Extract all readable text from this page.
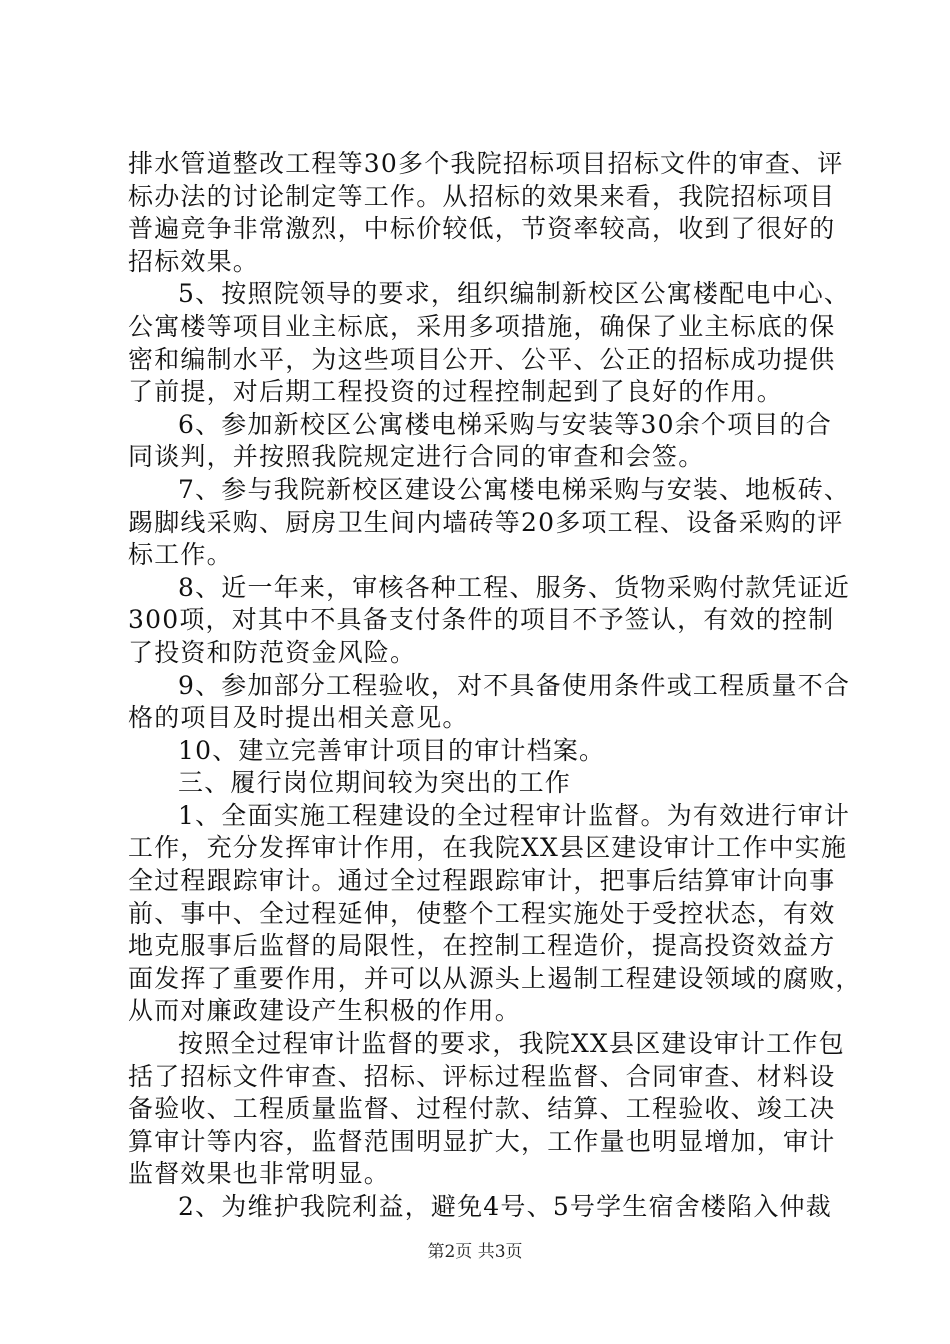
排水管道整改工程等30多个我院招标项目招标文件的审查、评
标办法的讨论制定等工作。从招标的效果来看，我院招标项目
普遍竞争非常激烈，中标价较低，节资率较高，收到了很好的
招标效果。
5、按照院领导的要求，组织编制新校区公寓楼配电中心、
公寓楼等项目业主标底，采用多项措施，确保了业主标底的保
密和编制水平，为这些项目公开、公平、公正的招标成功提供
了前提，对后期工程投资的过程控制起到了良好的作用。
6、参加新校区公寓楼电梯采购与安装等30余个项目的合
同谈判，并按照我院规定进行合同的审查和会签。
7、参与我院新校区建设公寓楼电梯采购与安装、地板砖、
踢脚线采购、厨房卫生间内墙砖等20多项工程、设备采购的评
标工作。
8、近一年来，审核各种工程、服务、货物采购付款凭证近
300项，对其中不具备支付条件的项目不予签认，有效的控制
了投资和防范资金风险。
9、参加部分工程验收，对不具备使用条件或工程质量不合
格的项目及时提出相关意见。
10、建立完善审计项目的审计档案。
三、履行岗位期间较为突出的工作
1、全面实施工程建设的全过程审计监督。为有效进行审计
工作，充分发挥审计作用，在我院XX县区建设审计工作中实施
全过程跟踪审计。通过全过程跟踪审计，把事后结算审计向事
前、事中、全过程延伸，使整个工程实施处于受控状态，有效
地克服事后监督的局限性，在控制工程造价，提高投资效益方
面发挥了重要作用，并可以从源头上遏制工程建设领域的腐败，
从而对廉政建设产生积极的作用。
按照全过程审计监督的要求，我院XX县区建设审计工作包
括了招标文件审查、招标、评标过程监督、合同审查、材料设
备验收、工程质量监督、过程付款、结算、工程验收、竣工决
算审计等内容，监督范围明显扩大，工作量也明显增加，审计
监督效果也非常明显。
2、为维护我院利益，避免4号、5号学生宿舍楼陷入仲裁
第2页 共3页
